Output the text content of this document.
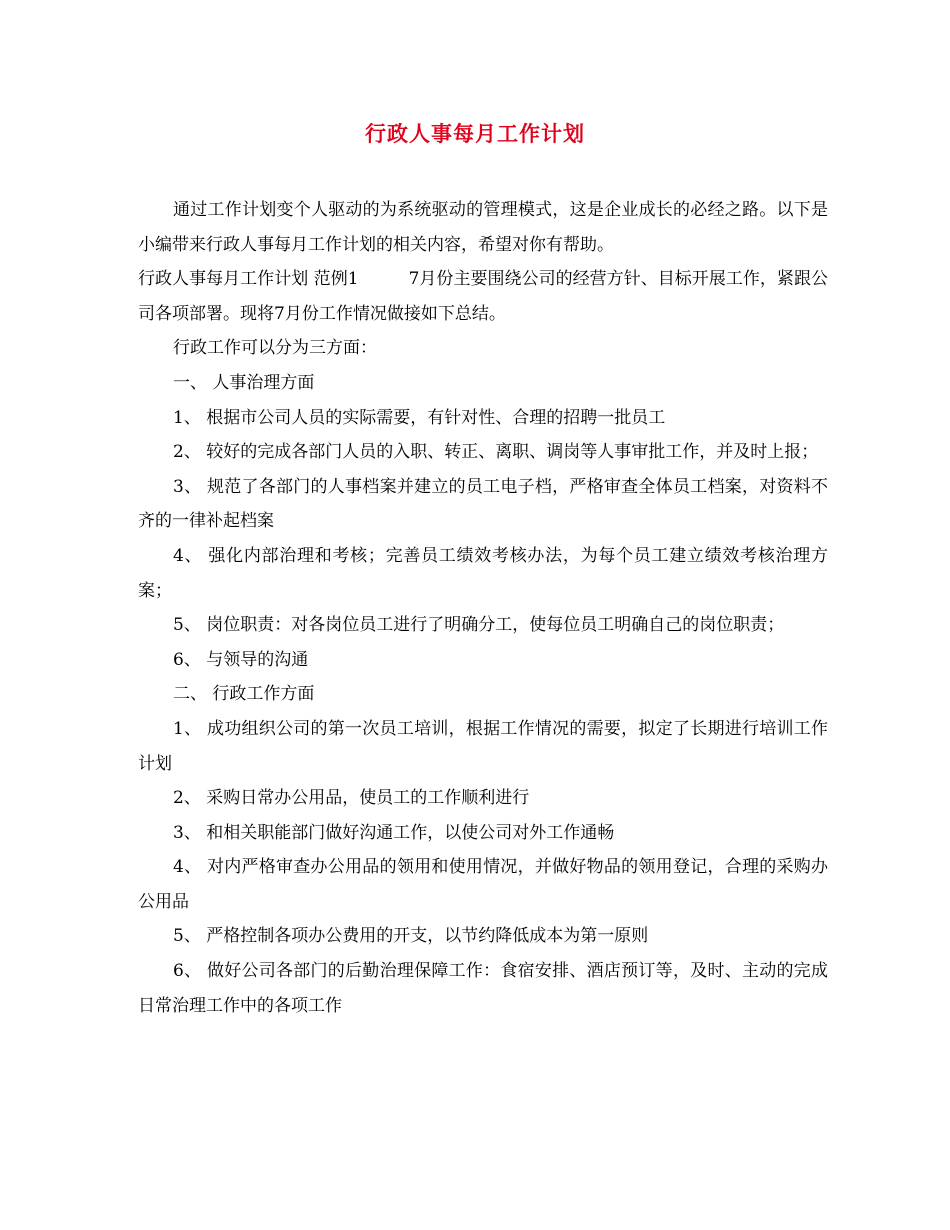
行政人事每月工作计划

通过工作计划变个人驱动的为系统驱动的管理模式，这是企业成长的必经之路。以下是小编带来行政人事每月工作计划的相关内容，希望对你有帮助。

行政人事每月工作计划 范例1	7月份主要围绕公司的经营方针、目标开展工作，紧跟公司各项部署。现将7月份工作情况做接如下总结。

行政工作可以分为三方面：

一、 人事治理方面

1、 根据市公司人员的实际需要，有针对性、合理的招聘一批员工

2、 较好的完成各部门人员的入职、转正、离职、调岗等人事审批工作，并及时上报；

3、 规范了各部门的人事档案并建立的员工电子档，严格审查全体员工档案，对资料不齐的一律补起档案

4、 强化内部治理和考核；完善员工绩效考核办法，为每个员工建立绩效考核治理方案；

5、 岗位职责：对各岗位员工进行了明确分工，使每位员工明确自己的岗位职责；

6、 与领导的沟通

二、 行政工作方面

1、 成功组织公司的第一次员工培训，根据工作情况的需要，拟定了长期进行培训工作计划

2、 采购日常办公用品，使员工的工作顺利进行

3、 和相关职能部门做好沟通工作，以使公司对外工作通畅

4、 对内严格审查办公用品的领用和使用情况，并做好物品的领用登记，合理的采购办公用品

5、 严格控制各项办公费用的开支，以节约降低成本为第一原则

6、 做好公司各部门的后勤治理保障工作：食宿安排、酒店预订等，及时、主动的完成日常治理工作中的各项工作
